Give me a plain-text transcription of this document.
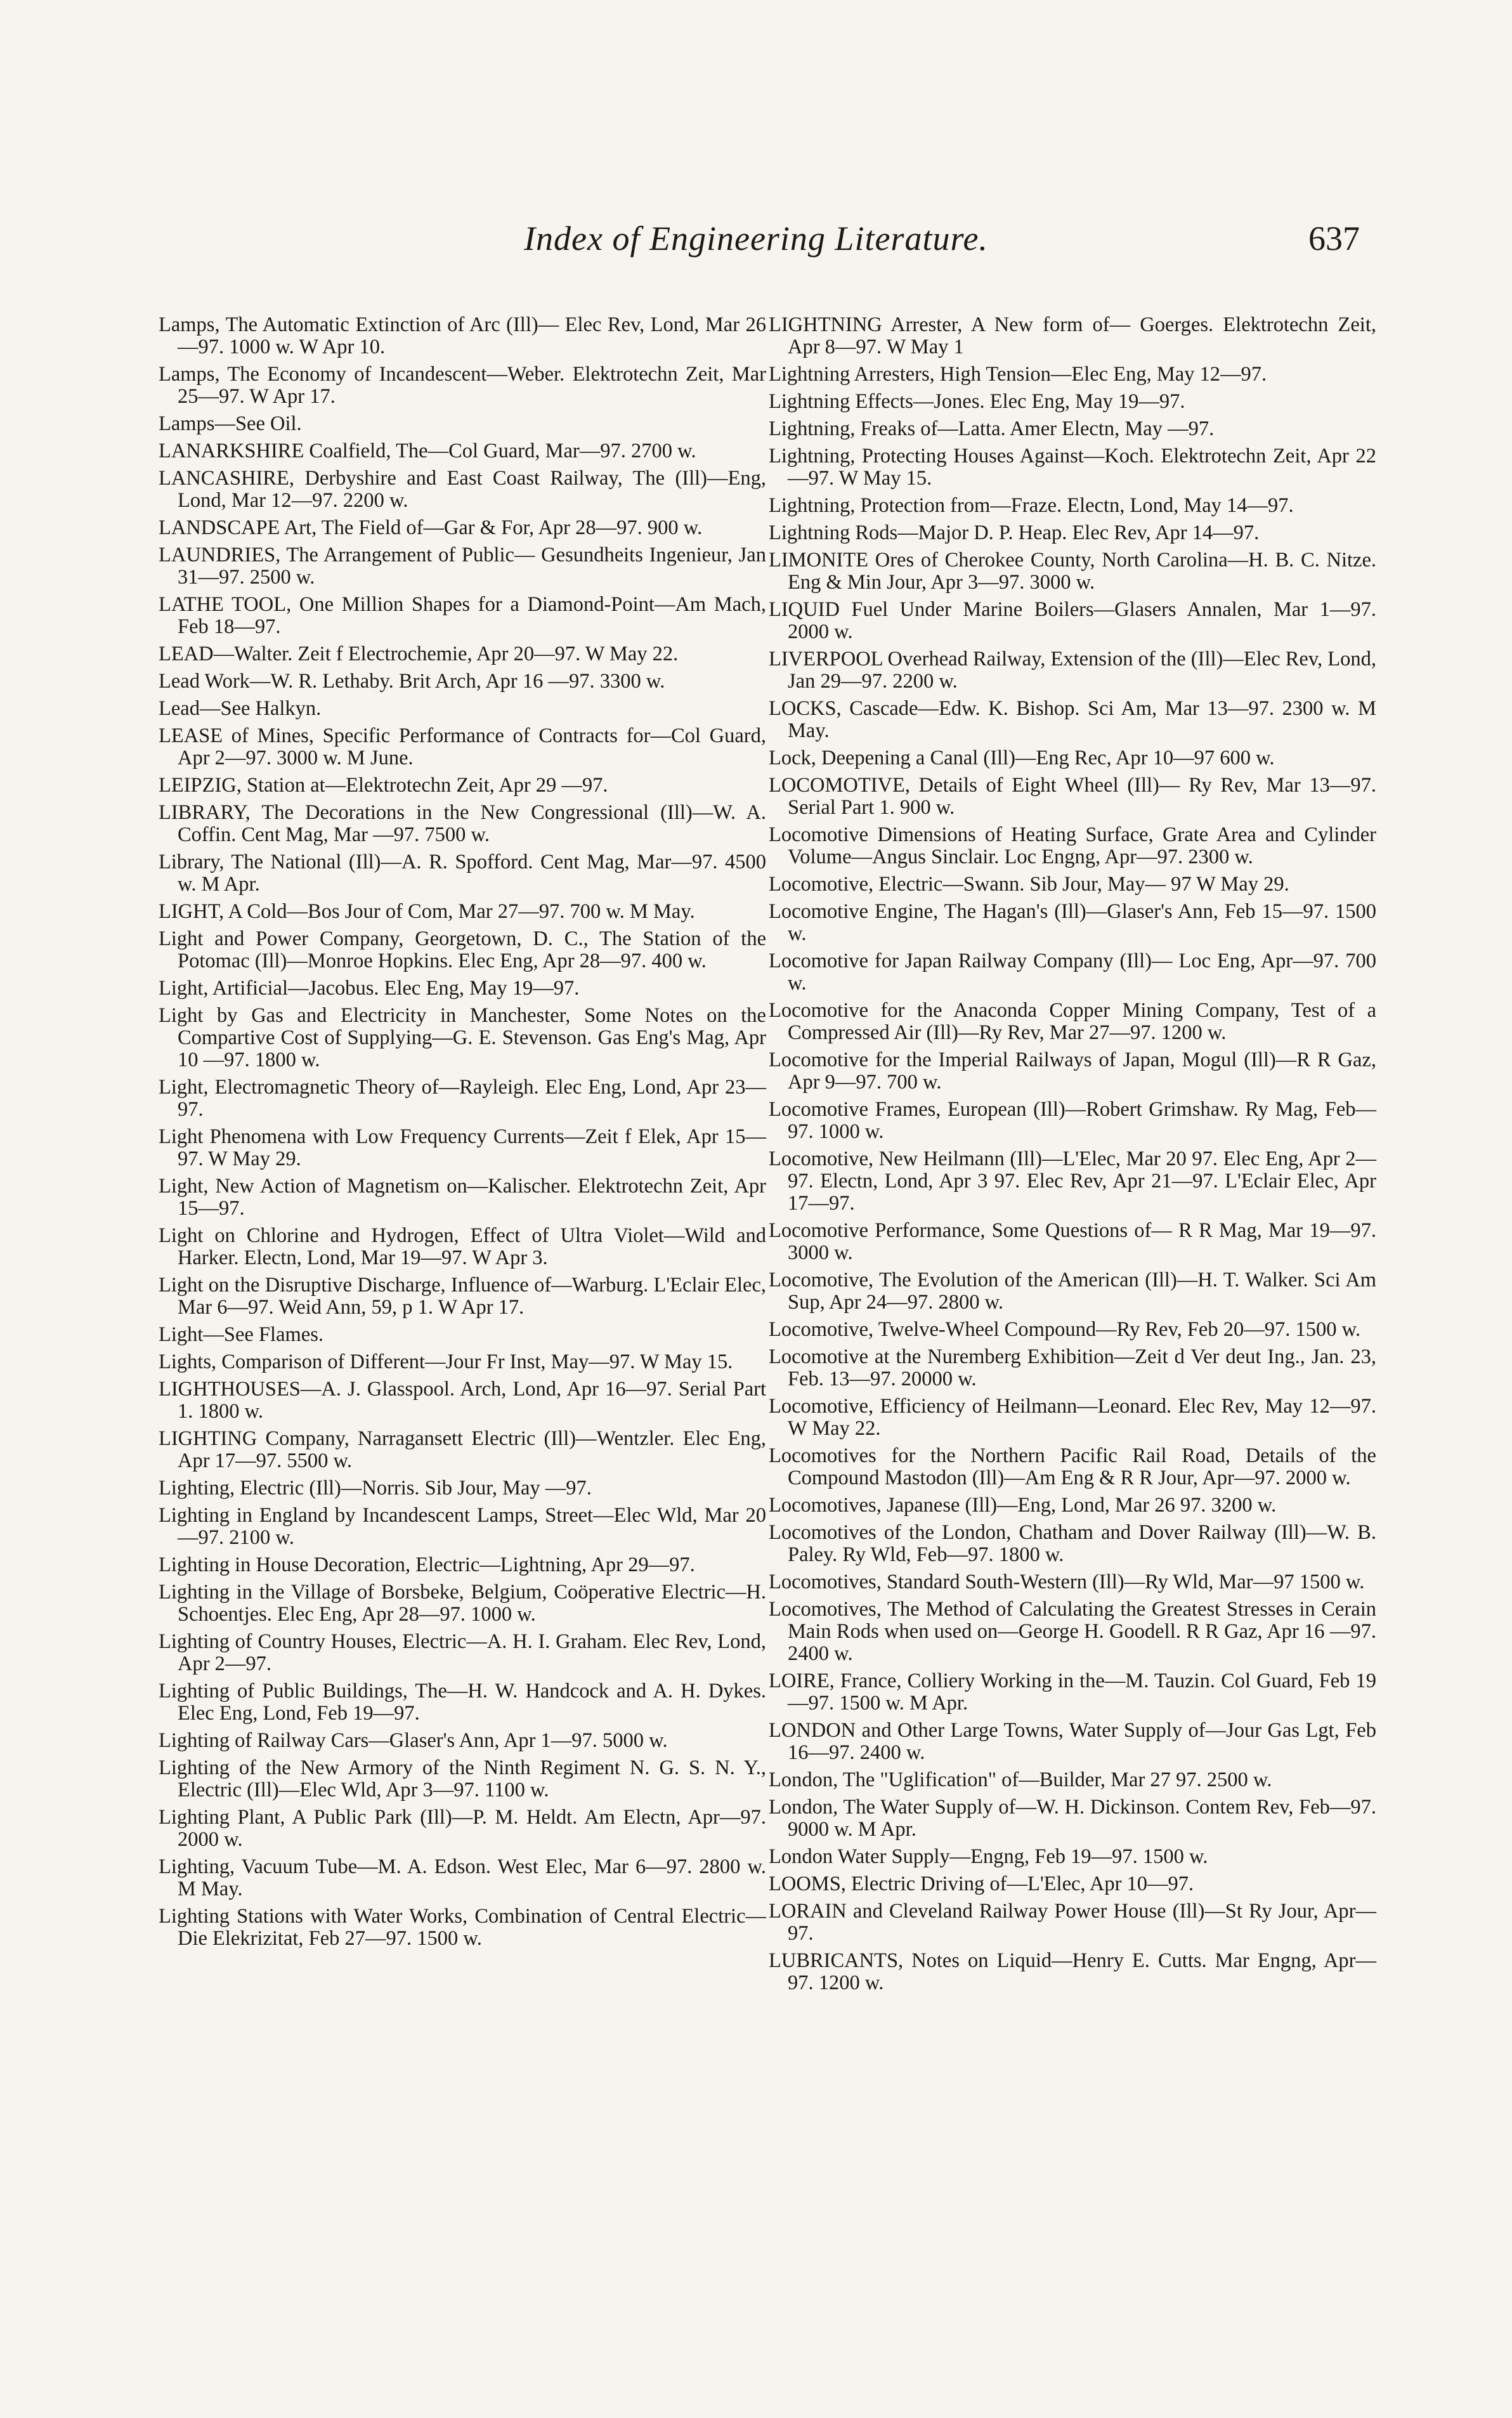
Index of Engineering Literature.	637

Lamps, The Automatic Extinction of Arc (Ill)— Elec Rev, Lond, Mar 26—97. 1000 w. W Apr 10.

Lamps, The Economy of Incandescent—Weber. Elektrotechn Zeit, Mar 25—97. W Apr 17.

Lamps—See Oil.

LANARKSHIRE Coalfield, The—Col Guard, Mar—97. 2700 w.

LANCASHIRE, Derbyshire and East Coast Railway, The (Ill)—Eng, Lond, Mar 12—97. 2200 w.

LANDSCAPE Art, The Field of—Gar & For, Apr 28—97. 900 w.

LAUNDRIES, The Arrangement of Public— Gesundheits Ingenieur, Jan 31—97. 2500 w.

LATHE TOOL, One Million Shapes for a Diamond-Point—Am Mach, Feb 18—97.

LEAD—Walter. Zeit f Electrochemie, Apr 20—97. W May 22.

Lead Work—W. R. Lethaby. Brit Arch, Apr 16 —97. 3300 w.

Lead—See Halkyn.

LEASE of Mines, Specific Performance of Contracts for—Col Guard, Apr 2—97. 3000 w. M June.

LEIPZIG, Station at—Elektrotechn Zeit, Apr 29 —97.

LIBRARY, The Decorations in the New Congressional (Ill)—W. A. Coffin. Cent Mag, Mar —97. 7500 w.

Library, The National (Ill)—A. R. Spofford. Cent Mag, Mar—97. 4500 w. M Apr.

LIGHT, A Cold—Bos Jour of Com, Mar 27—97. 700 w. M May.

Light and Power Company, Georgetown, D. C., The Station of the Potomac (Ill)—Monroe Hopkins. Elec Eng, Apr 28—97. 400 w.

Light, Artificial—Jacobus. Elec Eng, May 19—97.

Light by Gas and Electricity in Manchester, Some Notes on the Compartive Cost of Supplying—G. E. Stevenson. Gas Eng's Mag, Apr 10 —97. 1800 w.

Light, Electromagnetic Theory of—Rayleigh. Elec Eng, Lond, Apr 23—97.

Light Phenomena with Low Frequency Currents—Zeit f Elek, Apr 15—97. W May 29.

Light, New Action of Magnetism on—Kalischer. Elektrotechn Zeit, Apr 15—97.

Light on Chlorine and Hydrogen, Effect of Ultra Violet—Wild and Harker. Electn, Lond, Mar 19—97. W Apr 3.

Light on the Disruptive Discharge, Influence of—Warburg. L'Eclair Elec, Mar 6—97. Weid Ann, 59, p 1. W Apr 17.

Light—See Flames.

Lights, Comparison of Different—Jour Fr Inst, May—97. W May 15.

LIGHTHOUSES—A. J. Glasspool. Arch, Lond, Apr 16—97. Serial Part 1. 1800 w.

LIGHTING Company, Narragansett Electric (Ill)—Wentzler. Elec Eng, Apr 17—97. 5500 w.

Lighting, Electric (Ill)—Norris. Sib Jour, May —97.

Lighting in England by Incandescent Lamps, Street—Elec Wld, Mar 20—97. 2100 w.

Lighting in House Decoration, Electric—Lightning, Apr 29—97.

Lighting in the Village of Borsbeke, Belgium, Coöperative Electric—H. Schoentjes. Elec Eng, Apr 28—97. 1000 w.

Lighting of Country Houses, Electric—A. H. I. Graham. Elec Rev, Lond, Apr 2—97.

Lighting of Public Buildings, The—H. W. Handcock and A. H. Dykes. Elec Eng, Lond, Feb 19—97.

Lighting of Railway Cars—Glaser's Ann, Apr 1—97. 5000 w.

Lighting of the New Armory of the Ninth Regiment N. G. S. N. Y., Electric (Ill)—Elec Wld, Apr 3—97. 1100 w.

Lighting Plant, A Public Park (Ill)—P. M. Heldt. Am Electn, Apr—97. 2000 w.

Lighting, Vacuum Tube—M. A. Edson. West Elec, Mar 6—97. 2800 w. M May.

Lighting Stations with Water Works, Combination of Central Electric—Die Elekrizitat, Feb 27—97. 1500 w.

LIGHTNING Arrester, A New form of— Goerges. Elektrotechn Zeit, Apr 8—97. W May 1

Lightning Arresters, High Tension—Elec Eng, May 12—97.

Lightning Effects—Jones. Elec Eng, May 19—97.

Lightning, Freaks of—Latta. Amer Electn, May —97.

Lightning, Protecting Houses Against—Koch. Elektrotechn Zeit, Apr 22—97. W May 15.

Lightning, Protection from—Fraze. Electn, Lond, May 14—97.

Lightning Rods—Major D. P. Heap. Elec Rev, Apr 14—97.

LIMONITE Ores of Cherokee County, North Carolina—H. B. C. Nitze. Eng & Min Jour, Apr 3—97. 3000 w.

LIQUID Fuel Under Marine Boilers—Glasers Annalen, Mar 1—97. 2000 w.

LIVERPOOL Overhead Railway, Extension of the (Ill)—Elec Rev, Lond, Jan 29—97. 2200 w.

LOCKS, Cascade—Edw. K. Bishop. Sci Am, Mar 13—97. 2300 w. M May.

Lock, Deepening a Canal (Ill)—Eng Rec, Apr 10—97 600 w.

LOCOMOTIVE, Details of Eight Wheel (Ill)— Ry Rev, Mar 13—97. Serial Part 1. 900 w.

Locomotive Dimensions of Heating Surface, Grate Area and Cylinder Volume—Angus Sinclair. Loc Engng, Apr—97. 2300 w.

Locomotive, Electric—Swann. Sib Jour, May— 97 W May 29.

Locomotive Engine, The Hagan's (Ill)—Glaser's Ann, Feb 15—97. 1500 w.

Locomotive for Japan Railway Company (Ill)— Loc Eng, Apr—97. 700 w.

Locomotive for the Anaconda Copper Mining Company, Test of a Compressed Air (Ill)—Ry Rev, Mar 27—97. 1200 w.

Locomotive for the Imperial Railways of Japan, Mogul (Ill)—R R Gaz, Apr 9—97. 700 w.

Locomotive Frames, European (Ill)—Robert Grimshaw. Ry Mag, Feb—97. 1000 w.

Locomotive, New Heilmann (Ill)—L'Elec, Mar 20 97. Elec Eng, Apr 2—97. Electn, Lond, Apr 3 97. Elec Rev, Apr 21—97. L'Eclair Elec, Apr 17—97.

Locomotive Performance, Some Questions of— R R Mag, Mar 19—97. 3000 w.

Locomotive, The Evolution of the American (Ill)—H. T. Walker. Sci Am Sup, Apr 24—97. 2800 w.

Locomotive, Twelve-Wheel Compound—Ry Rev, Feb 20—97. 1500 w.

Locomotive at the Nuremberg Exhibition—Zeit d Ver deut Ing., Jan. 23, Feb. 13—97. 20000 w.

Locomotive, Efficiency of Heilmann—Leonard. Elec Rev, May 12—97. W May 22.

Locomotives for the Northern Pacific Rail Road, Details of the Compound Mastodon (Ill)—Am Eng & R R Jour, Apr—97. 2000 w.

Locomotives, Japanese (Ill)—Eng, Lond, Mar 26 97. 3200 w.

Locomotives of the London, Chatham and Dover Railway (Ill)—W. B. Paley. Ry Wld, Feb—97. 1800 w.

Locomotives, Standard South-Western (Ill)—Ry Wld, Mar—97 1500 w.

Locomotives, The Method of Calculating the Greatest Stresses in Cerain Main Rods when used on—George H. Goodell. R R Gaz, Apr 16 —97. 2400 w.

LOIRE, France, Colliery Working in the—M. Tauzin. Col Guard, Feb 19—97. 1500 w. M Apr.

LONDON and Other Large Towns, Water Supply of—Jour Gas Lgt, Feb 16—97. 2400 w.

London, The "Uglification" of—Builder, Mar 27 97. 2500 w.

London, The Water Supply of—W. H. Dickinson. Contem Rev, Feb—97. 9000 w. M Apr.

London Water Supply—Engng, Feb 19—97. 1500 w.

LOOMS, Electric Driving of—L'Elec, Apr 10—97.

LORAIN and Cleveland Railway Power House (Ill)—St Ry Jour, Apr—97.

LUBRICANTS, Notes on Liquid—Henry E. Cutts. Mar Engng, Apr—97. 1200 w.
